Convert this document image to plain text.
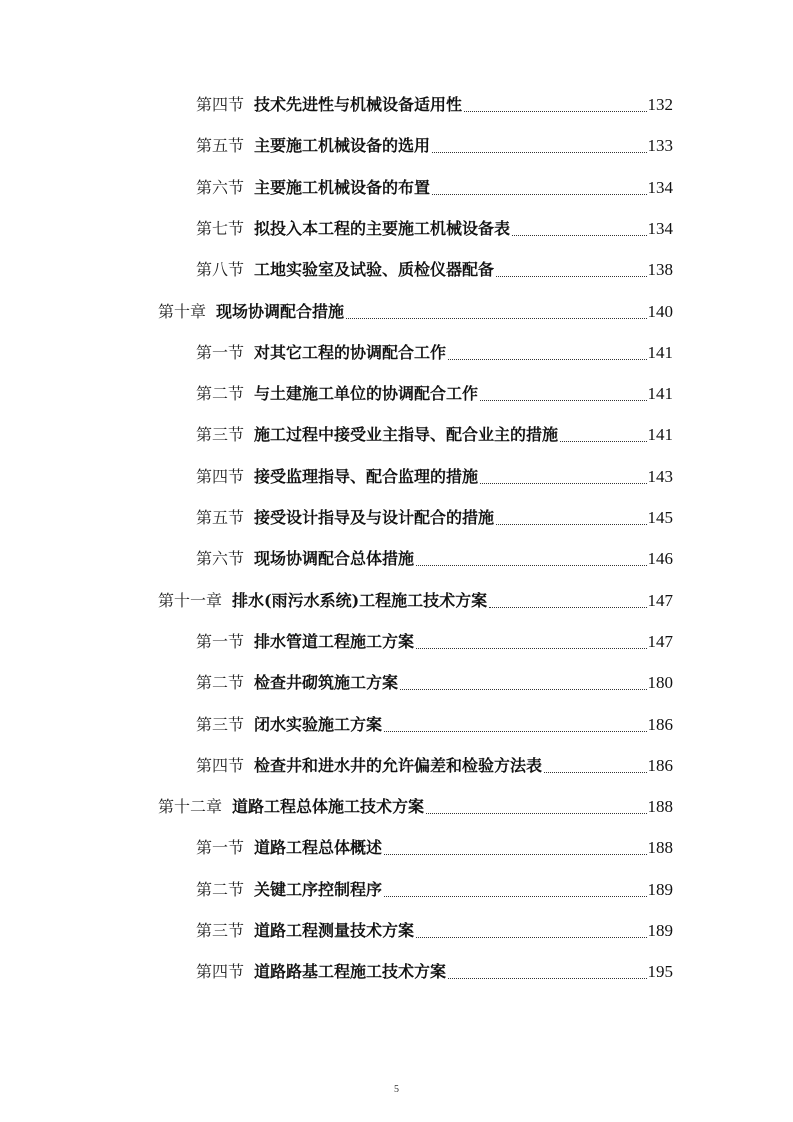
第四节 技术先进性与机械设备适用性	132
第五节 主要施工机械设备的选用	133
第六节 主要施工机械设备的布置	134
第七节 拟投入本工程的主要施工机械设备表	134
第八节 工地实验室及试验、质检仪器配备	138
第十章 现场协调配合措施	140
第一节 对其它工程的协调配合工作	141
第二节 与土建施工单位的协调配合工作	141
第三节 施工过程中接受业主指导、配合业主的措施	141
第四节 接受监理指导、配合监理的措施	143
第五节 接受设计指导及与设计配合的措施	145
第六节 现场协调配合总体措施	146
第十一章 排水(雨污水系统)工程施工技术方案	147
第一节 排水管道工程施工方案	147
第二节 检查井砌筑施工方案	180
第三节 闭水实验施工方案	186
第四节 检查井和进水井的允许偏差和检验方法表	186
第十二章 道路工程总体施工技术方案	188
第一节 道路工程总体概述	188
第二节 关键工序控制程序	189
第三节 道路工程测量技术方案	189
第四节 道路路基工程施工技术方案	195
5
